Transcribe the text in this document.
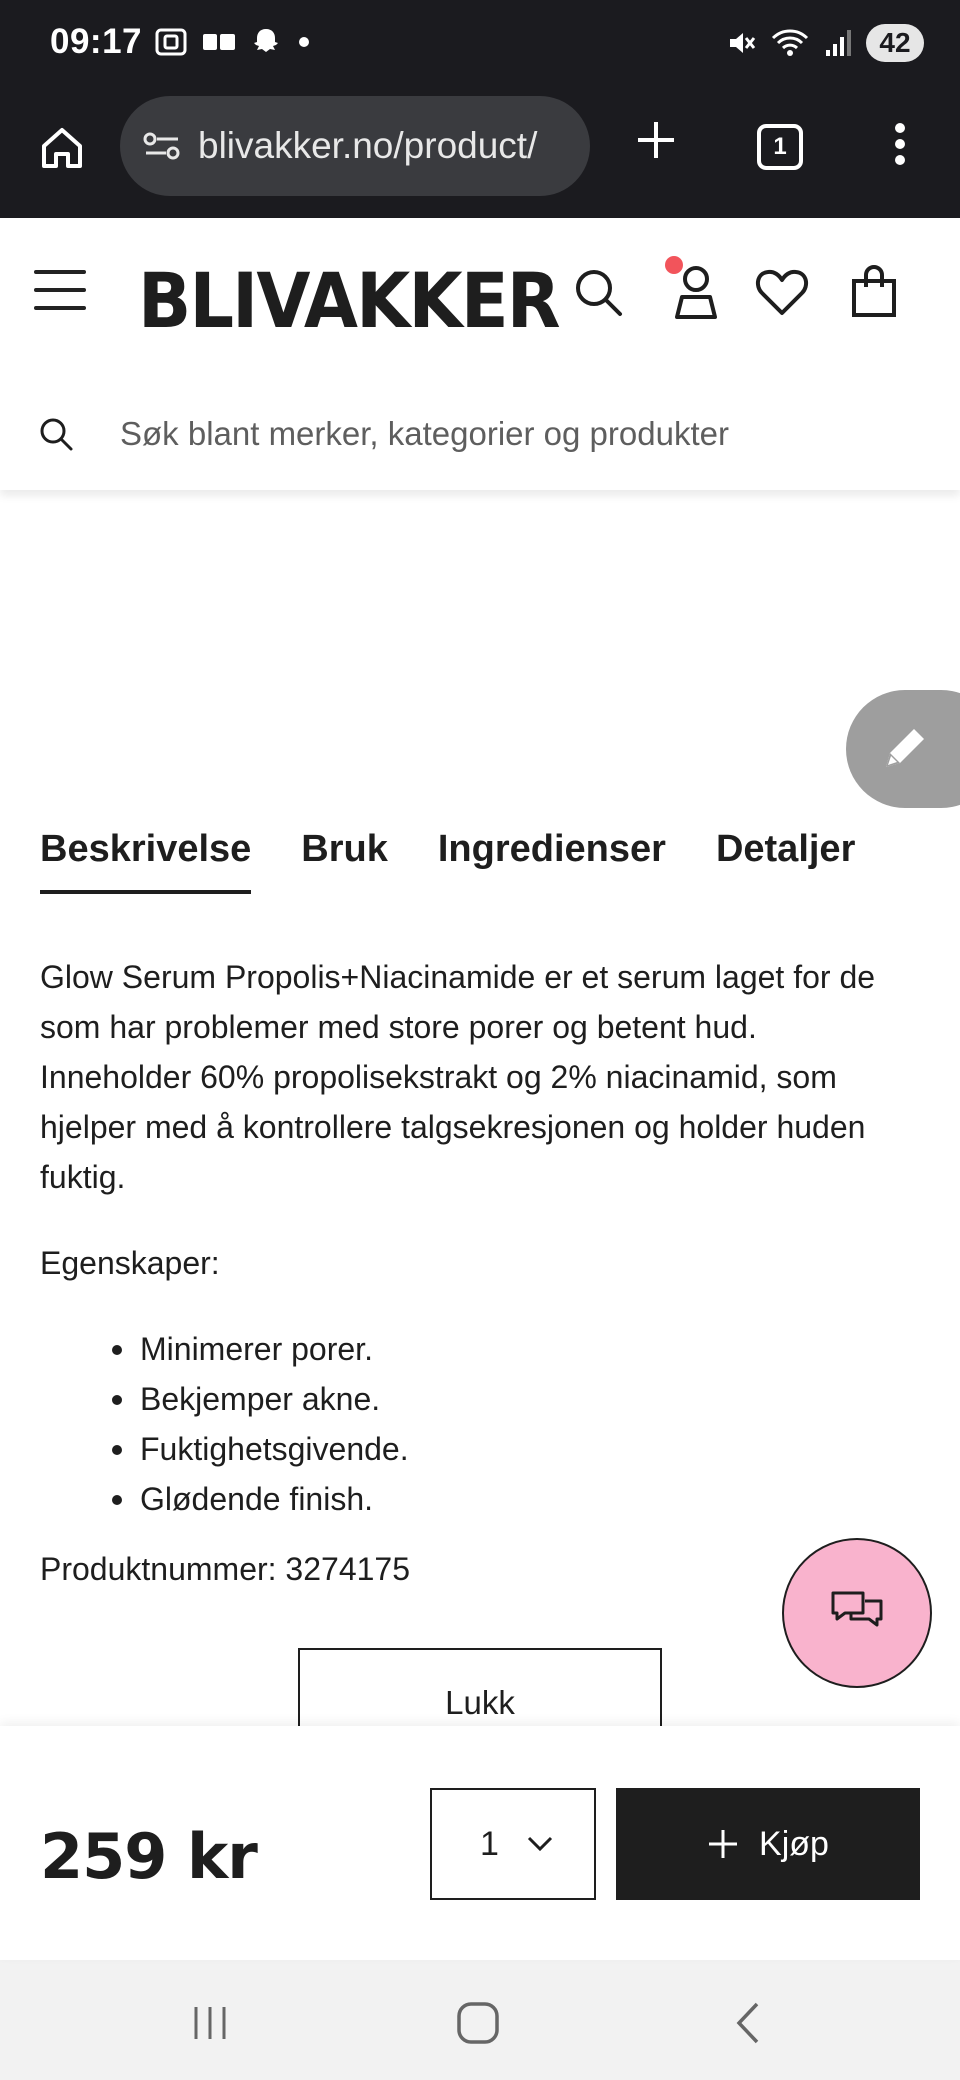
09:17	42
blivakker.no/product/	1
BLIVAKKER
Søk blant merker, kategorier og produkter
Beskrivelse Bruk Ingredienser Detaljer

Glow Serum Propolis+Niacinamide er et serum laget for de som har problemer med store porer og betent hud. Inneholder 60% propolisekstrakt og 2% niacinamid, som hjelper med å kontrollere talgsekresjonen og holder huden fuktig.

Egenskaper:

Minimerer porer.
Bekjemper akne.
Fuktighetsgivende.
Glødende finish.

Produktnummer: 3274175

Lukk
259 kr	1	Kjøp
